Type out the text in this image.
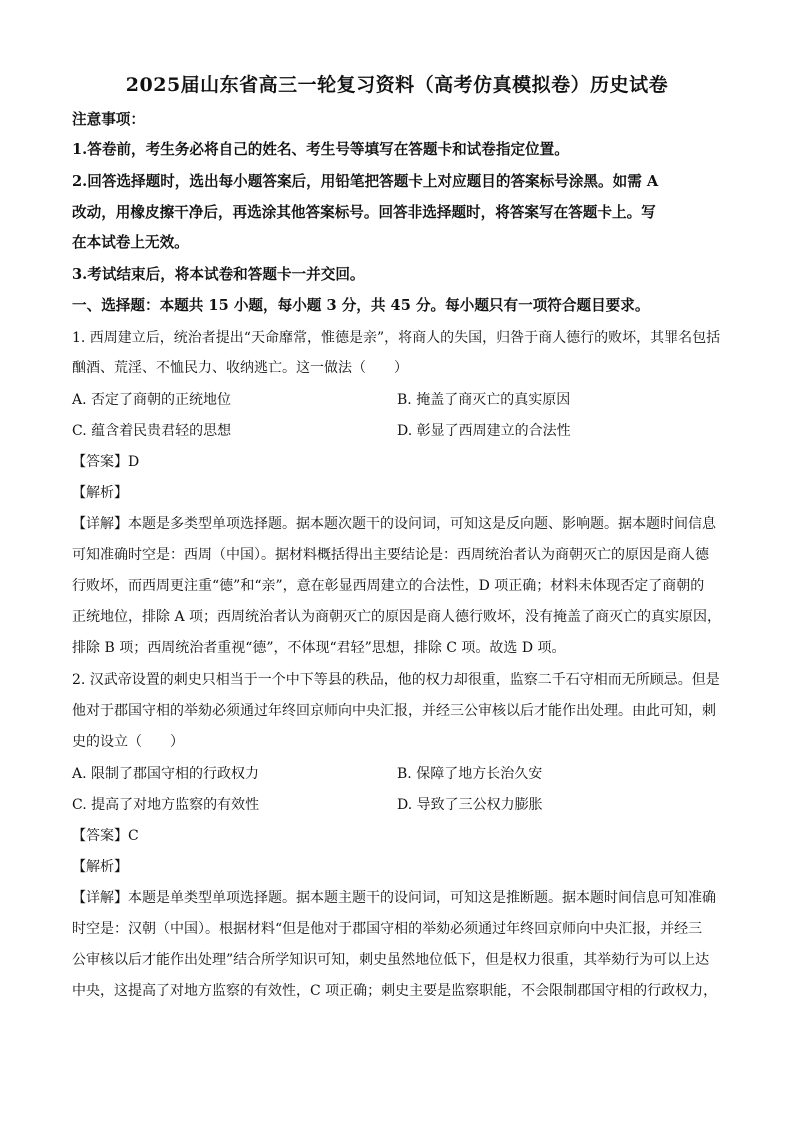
2025届山东省高三一轮复习资料（高考仿真模拟卷）历史试卷
注意事项：
1.答卷前，考生务必将自己的姓名、考生号等填写在答题卡和试卷指定位置。
2.回答选择题时，选出每小题答案后，用铅笔把答题卡上对应题目的答案标号涂黑。如需 A
改动，用橡皮擦干净后，再选涂其他答案标号。回答非选择题时，将答案写在答题卡上。写
在本试卷上无效。
3.考试结束后，将本试卷和答题卡一并交回。
一、选择题：本题共 15 小题，每小题 3 分，共 45 分。每小题只有一项符合题目要求。
1. 西周建立后，统治者提出“天命靡常，惟德是亲”，将商人的失国，归咎于商人德行的败坏，其罪名包括
酗酒、荒淫、不恤民力、收纳逃亡。这一做法（　　）
A. 否定了商朝的正统地位	B. 掩盖了商灭亡的真实原因
C. 蕴含着民贵君轻的思想	D. 彰显了西周建立的合法性
【答案】D
【解析】
【详解】本题是多类型单项选择题。据本题次题干的设问词，可知这是反向题、影响题。据本题时间信息
可知准确时空是：西周（中国）。据材料概括得出主要结论是：西周统治者认为商朝灭亡的原因是商人德
行败坏，而西周更注重“德”和“亲”，意在彰显西周建立的合法性，D 项正确；材料未体现否定了商朝的
正统地位，排除 A 项；西周统治者认为商朝灭亡的原因是商人德行败坏，没有掩盖了商灭亡的真实原因，
排除 B 项；西周统治者重视“德”，不体现“君轻”思想，排除 C 项。故选 D 项。
2. 汉武帝设置的刺史只相当于一个中下等县的秩品，他的权力却很重，监察二千石守相而无所顾忌。但是
他对于郡国守相的举劾必须通过年终回京师向中央汇报，并经三公审核以后才能作出处理。由此可知，刺
史的设立（　　）
A. 限制了郡国守相的行政权力	B. 保障了地方长治久安
C. 提高了对地方监察的有效性	D. 导致了三公权力膨胀
【答案】C
【解析】
【详解】本题是单类型单项选择题。据本题主题干的设问词，可知这是推断题。据本题时间信息可知准确
时空是：汉朝（中国）。根据材料“但是他对于郡国守相的举劾必须通过年终回京师向中央汇报，并经三
公审核以后才能作出处理”结合所学知识可知，刺史虽然地位低下，但是权力很重，其举劾行为可以上达
中央，这提高了对地方监察的有效性，C 项正确；刺史主要是监察职能，不会限制郡国守相的行政权力，
